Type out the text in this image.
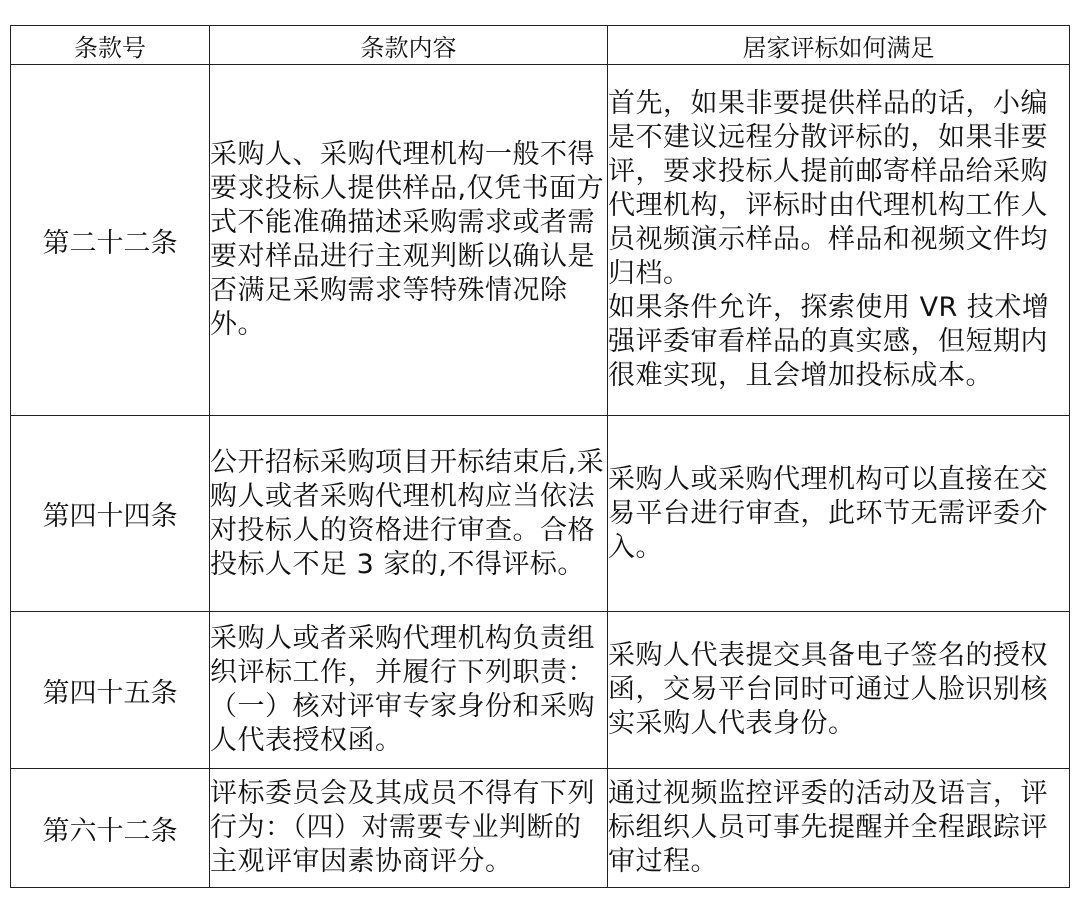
条款号	条款内容	居家评标如何满足
第二十二条	采购人、采购代理机构一般不得要求投标人提供样品,仅凭书面方式不能准确描述采购需求或者需要对样品进行主观判断以确认是否满足采购需求等特殊情况除外。	首先，如果非要提供样品的话，小编是不建议远程分散评标的，如果非要评，要求投标人提前邮寄样品给采购代理机构，评标时由代理机构工作人员视频演示样品。样品和视频文件均归档。

如果条件允许，探索使用 VR 技术增强评委审看样品的真实感，但短期内很难实现，且会增加投标成本。

第四十四条	公开招标采购项目开标结束后,采购人或者采购代理机构应当依法对投标人的资格进行审查。合格投标人不足 3 家的,不得评标。	采购人或采购代理机构可以直接在交易平台进行审查，此环节无需评委介入。

第四十五条	采购人或者采购代理机构负责组织评标工作，并履行下列职责：（一）核对评审专家身份和采购人代表授权函。	采购人代表提交具备电子签名的授权函，交易平台同时可通过人脸识别核实采购人代表身份。

第六十二条	评标委员会及其成员不得有下列行为：（四）对需要专业判断的主观评审因素协商评分。	通过视频监控评委的活动及语言，评标组织人员可事先提醒并全程跟踪评审过程。
